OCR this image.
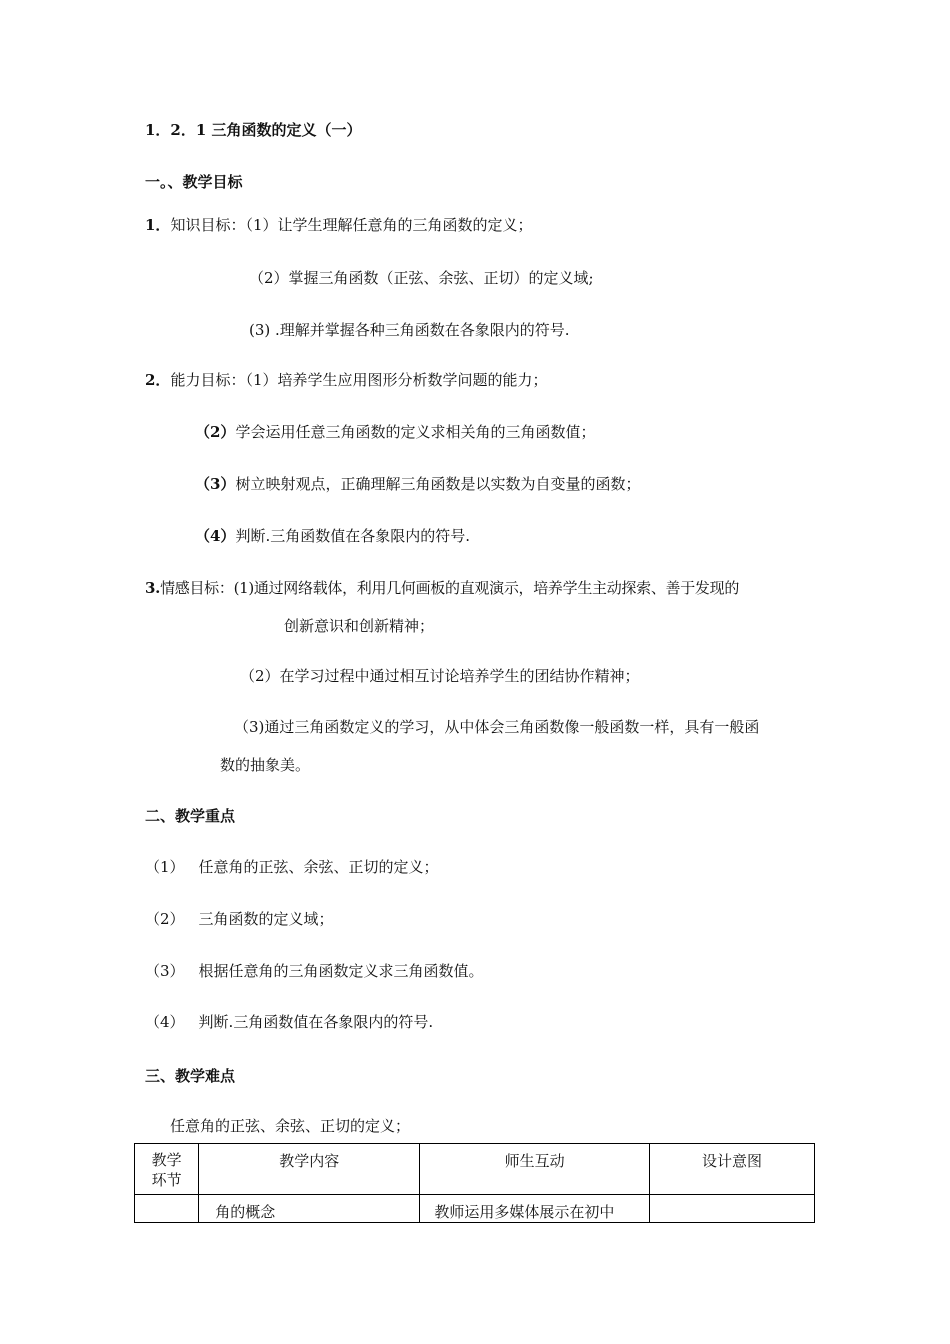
1．2．1 三角函数的定义（一）
一。、教学目标
1．知识目标：（1）让学生理解任意角的三角函数的定义；
（2）掌握三角函数（正弦、余弦、正切）的定义域;
(3) .理解并掌握各种三角函数在各象限内的符号.
2．能力目标：（1）培养学生应用图形分析数学问题的能力；
（2）学会运用任意三角函数的定义求相关角的三角函数值；
（3）树立映射观点，正确理解三角函数是以实数为自变量的函数；
（4）判断.三角函数值在各象限内的符号.
3.情感目标：(1)通过网络载体，利用几何画板的直观演示，培养学生主动探索、善于发现的
创新意识和创新精神；
（2）在学习过程中通过相互讨论培养学生的团结协作精神；
（3)通过三角函数定义的学习，从中体会三角函数像一般函数一样，具有一般函
数的抽象美。
二、教学重点
（1） 任意角的正弦、余弦、正切的定义；
（2） 三角函数的定义域；
（3） 根据任意角的三角函数定义求三角函数值。
（4） 判断.三角函数值在各象限内的符号.
三、教学难点
任意角的正弦、余弦、正切的定义；
教学
环节	教学内容	师生互动	设计意图
	角的概念	教师运用多媒体展示在初中	
